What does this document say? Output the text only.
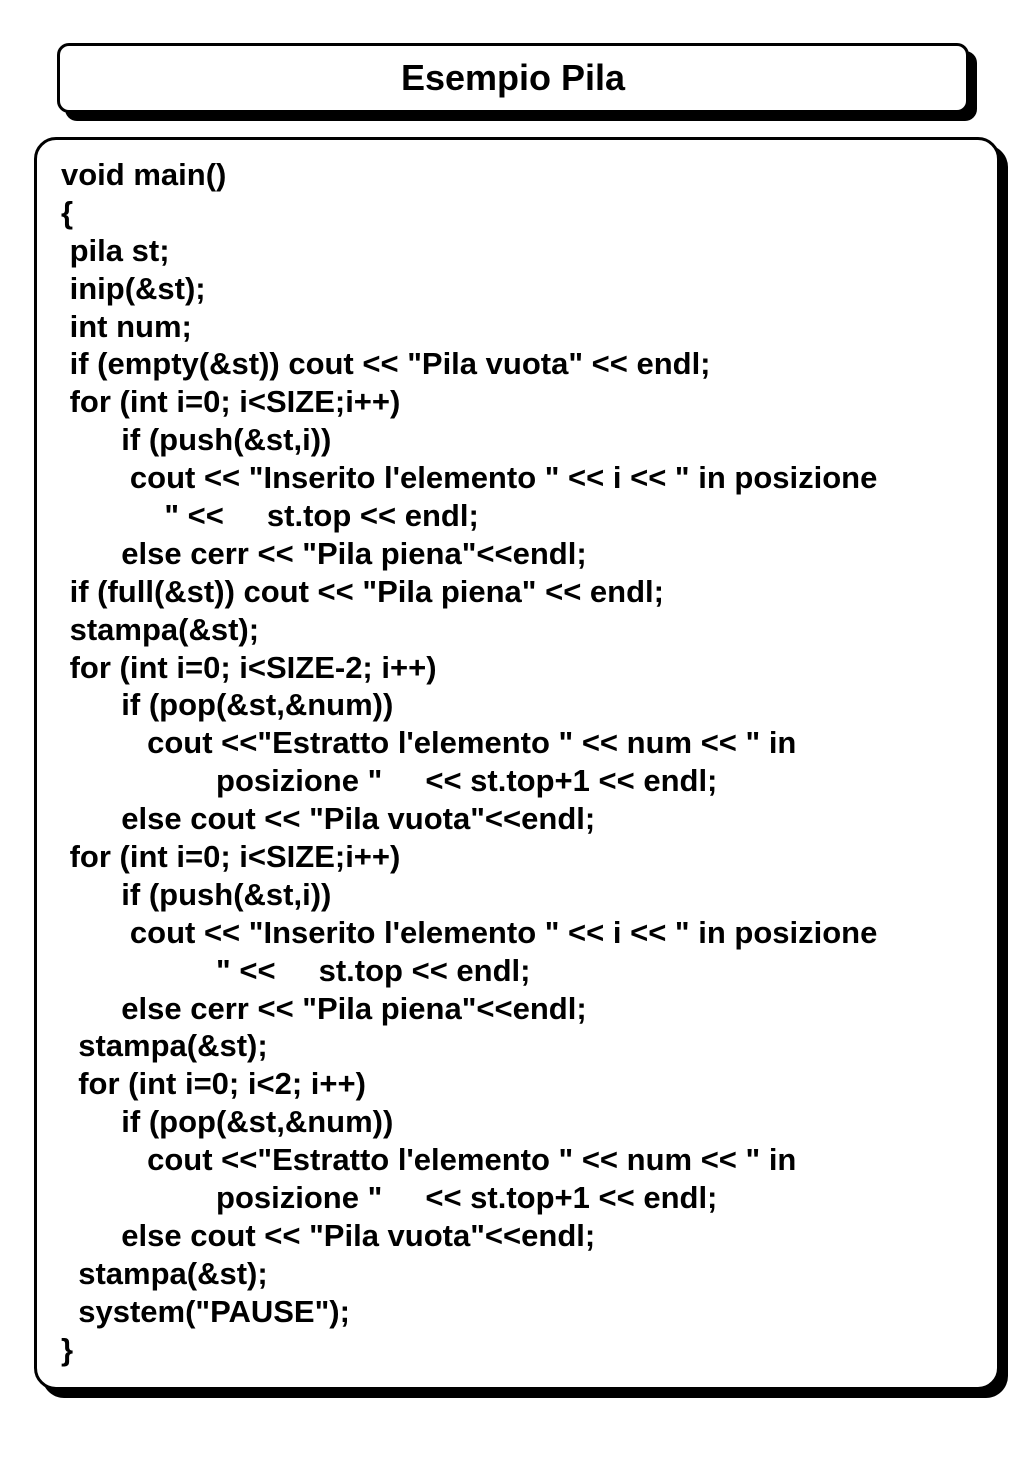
Esempio Pila
void main()
{
pila st;
inip(&st);
int num;
if (empty(&st)) cout << "Pila vuota" << endl;
for (int i=0; i<SIZE;i++)
if (push(&st,i))
cout << "Inserito l'elemento " << i << " in posizione
" <<     st.top << endl;
else cerr << "Pila piena"<<endl;
if (full(&st)) cout << "Pila piena" << endl;
stampa(&st);
for (int i=0; i<SIZE-2; i++)
if (pop(&st,&num))
cout <<"Estratto l'elemento " << num << " in
posizione "     << st.top+1 << endl;
else cout << "Pila vuota"<<endl;
for (int i=0; i<SIZE;i++)
if (push(&st,i))
cout << "Inserito l'elemento " << i << " in posizione
" <<     st.top << endl;
else cerr << "Pila piena"<<endl;
stampa(&st);
for (int i=0; i<2; i++)
if (pop(&st,&num))
cout <<"Estratto l'elemento " << num << " in
posizione "     << st.top+1 << endl;
else cout << "Pila vuota"<<endl;
stampa(&st);
system("PAUSE");
}
